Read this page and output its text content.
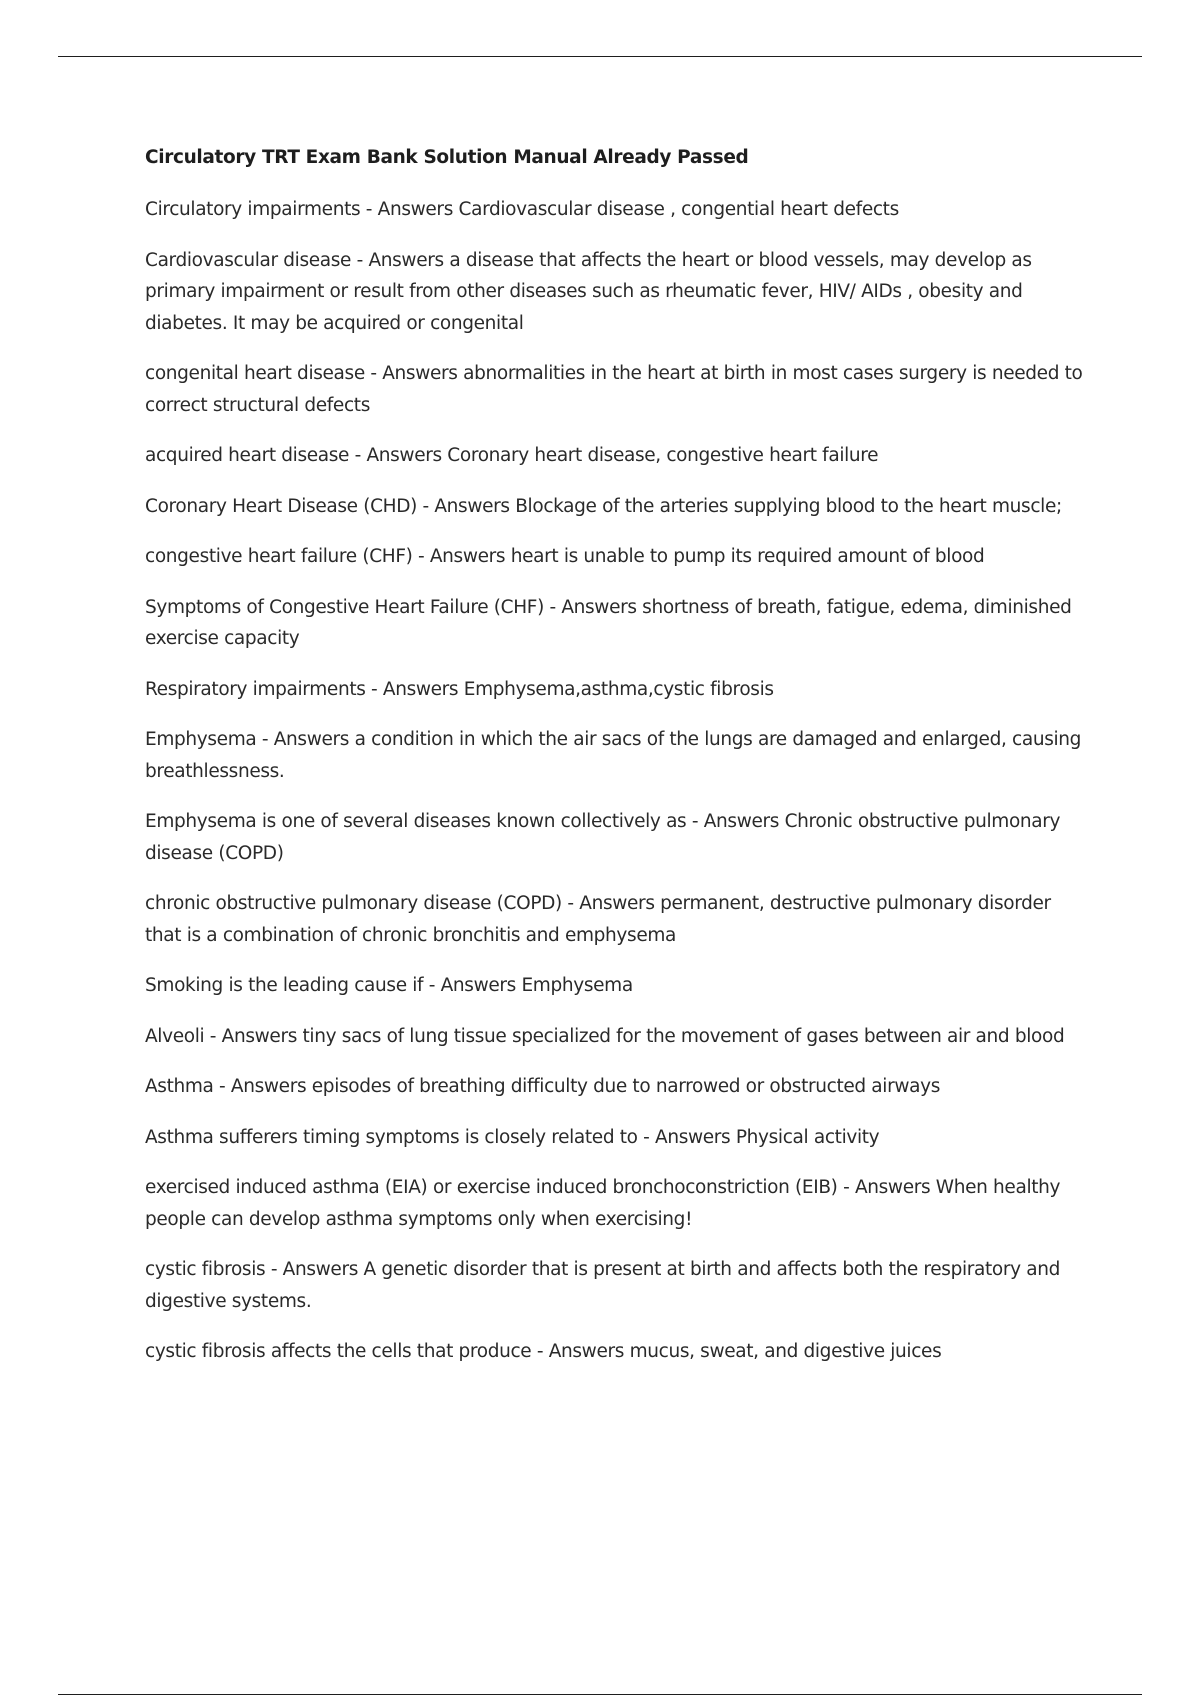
Circulatory TRT Exam Bank Solution Manual Already Passed

Circulatory impairments - Answers Cardiovascular disease , congential heart defects

Cardiovascular disease - Answers a disease that affects the heart or blood vessels, may develop as primary impairment or result from other diseases such as rheumatic fever, HIV/ AIDs , obesity and diabetes. It may be acquired or congenital

congenital heart disease - Answers abnormalities in the heart at birth in most cases surgery is needed to correct structural defects

acquired heart disease - Answers Coronary heart disease, congestive heart failure

Coronary Heart Disease (CHD) - Answers Blockage of the arteries supplying blood to the heart muscle;

congestive heart failure (CHF) - Answers heart is unable to pump its required amount of blood

Symptoms of Congestive Heart Failure (CHF) - Answers shortness of breath, fatigue, edema, diminished exercise capacity

Respiratory impairments - Answers Emphysema,asthma,cystic fibrosis

Emphysema - Answers a condition in which the air sacs of the lungs are damaged and enlarged, causing breathlessness.

Emphysema is one of several diseases known collectively as - Answers Chronic obstructive pulmonary disease (COPD)

chronic obstructive pulmonary disease (COPD) - Answers permanent, destructive pulmonary disorder that is a combination of chronic bronchitis and emphysema

Smoking is the leading cause if - Answers Emphysema

Alveoli - Answers tiny sacs of lung tissue specialized for the movement of gases between air and blood

Asthma - Answers episodes of breathing difficulty due to narrowed or obstructed airways

Asthma sufferers timing symptoms is closely related to - Answers Physical activity

exercised induced asthma (EIA) or exercise induced bronchoconstriction (EIB) - Answers When healthy people can develop asthma symptoms only when exercising!

cystic fibrosis - Answers A genetic disorder that is present at birth and affects both the respiratory and digestive systems.

cystic fibrosis affects the cells that produce - Answers mucus, sweat, and digestive juices
